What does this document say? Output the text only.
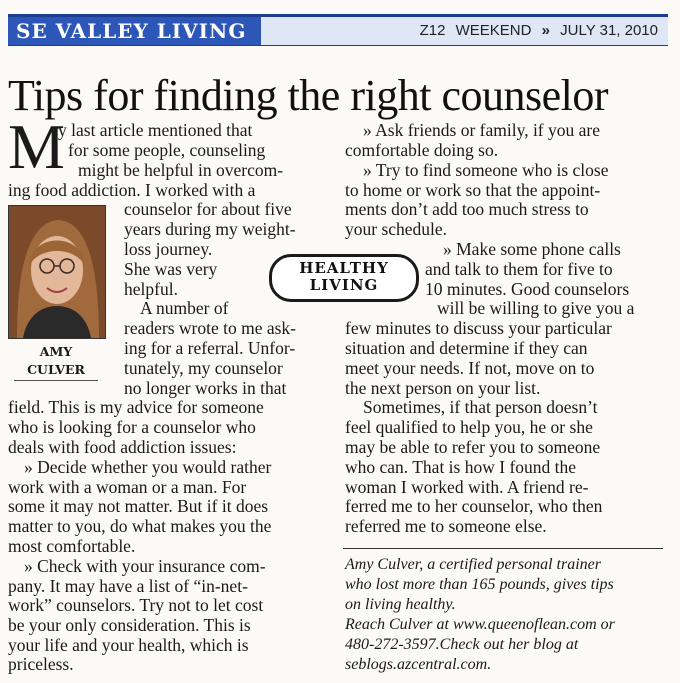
SE VALLEY LIVING	Z12 WEEKEND » JULY 31, 2010
Tips for finding the right counselor
M

y last article mentioned that

for some people, counseling

might be helpful in overcom-

ing food addiction. I worked with a

counselor for about five

years during my weight-

loss journey.

She was very

helpful.

A number of

readers wrote to me ask-

ing for a referral. Unfor-

tunately, my counselor

no longer works in that

field. This is my advice for someone

who is looking for a counselor who

deals with food addiction issues:

» Decide whether you would rather

work with a woman or a man. For

some it may not matter. But if it does

matter to you, do what makes you the

most comfortable.

» Check with your insurance com-

pany. It may have a list of “in-net-

work” counselors. Try not to let cost

be your only consideration. This is

your life and your health, which is

priceless.

AMY
CULVER
HEALTHY
LIVING

» Ask friends or family, if you are

comfortable doing so.

» Try to find someone who is close

to home or work so that the appoint-

ments don’t add too much stress to

your schedule.

» Make some phone calls

and talk to them for five to

10 minutes. Good counselors

will be willing to give you a

few minutes to discuss your particular

situation and determine if they can

meet your needs. If not, move on to

the next person on your list.

Sometimes, if that person doesn’t

feel qualified to help you, he or she

may be able to refer you to someone

who can. That is how I found the

woman I worked with. A friend re-

ferred me to her counselor, who then

referred me to someone else.

Amy Culver, a certified personal trainer

who lost more than 165 pounds, gives tips

on living healthy.

Reach Culver at www.queenoflean.com or

480-272-3597.Check out her blog at

seblogs.azcentral.com.
